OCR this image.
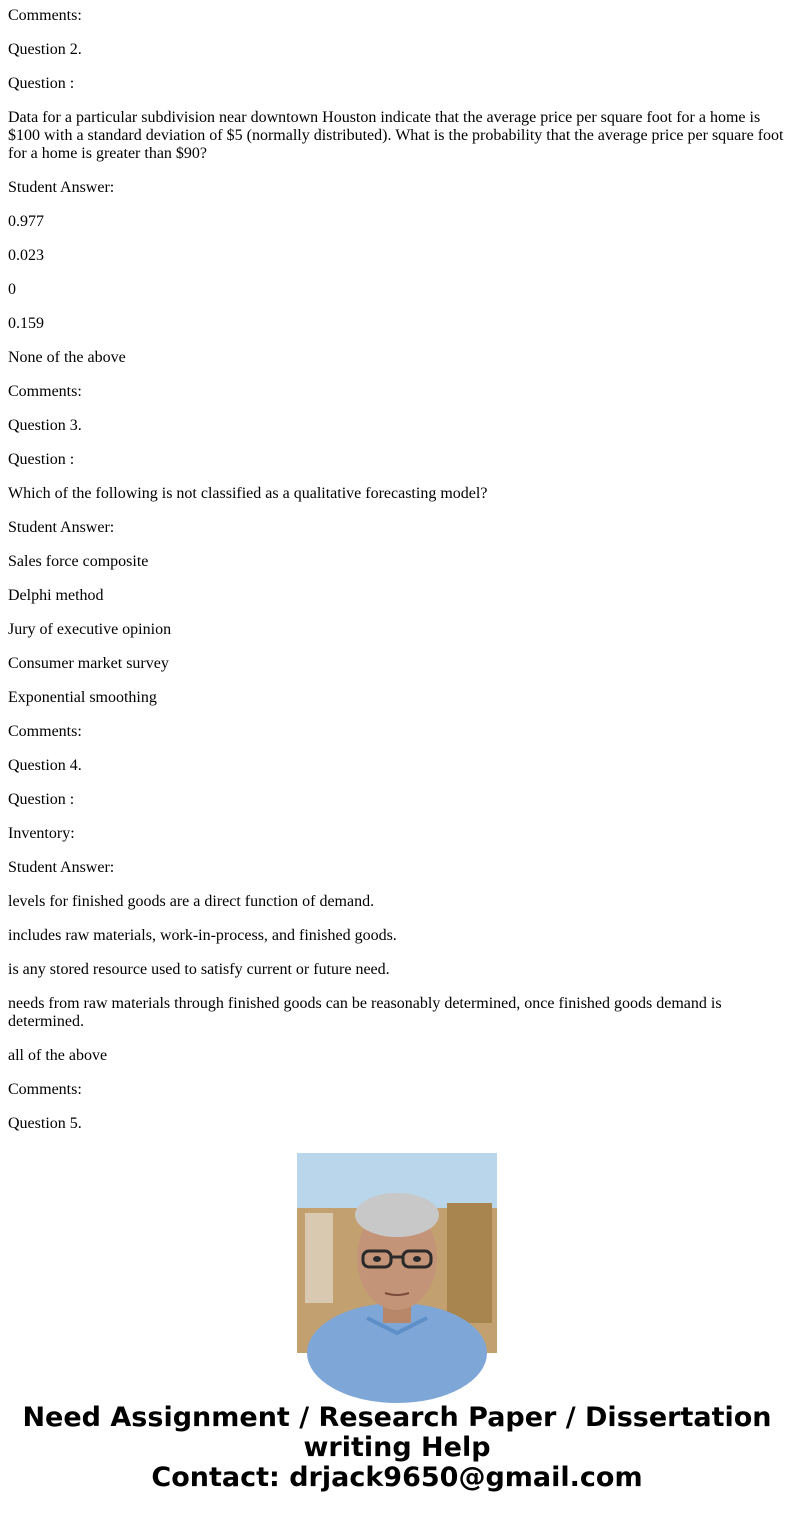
Comments:

Question 2.

Question :

Data for a particular subdivision near downtown Houston indicate that the average price per square foot for a home is $100 with a standard deviation of $5 (normally distributed). What is the probability that the average price per square foot for a home is greater than $90?

Student Answer:

0.977

0.023

0

0.159

None of the above

Comments:

Question 3.

Question :

Which of the following is not classified as a qualitative forecasting model?

Student Answer:

Sales force composite

Delphi method

Jury of executive opinion

Consumer market survey

Exponential smoothing

Comments:

Question 4.

Question :

Inventory:

Student Answer:

levels for finished goods are a direct function of demand.

includes raw materials, work-in-process, and finished goods.

is any stored resource used to satisfy current or future need.

needs from raw materials through finished goods can be reasonably determined, once finished goods demand is determined.

all of the above

Comments:

Question 5.

Need Assignment / Research Paper / Dissertation
writing Help
Contact: drjack9650@gmail.com
